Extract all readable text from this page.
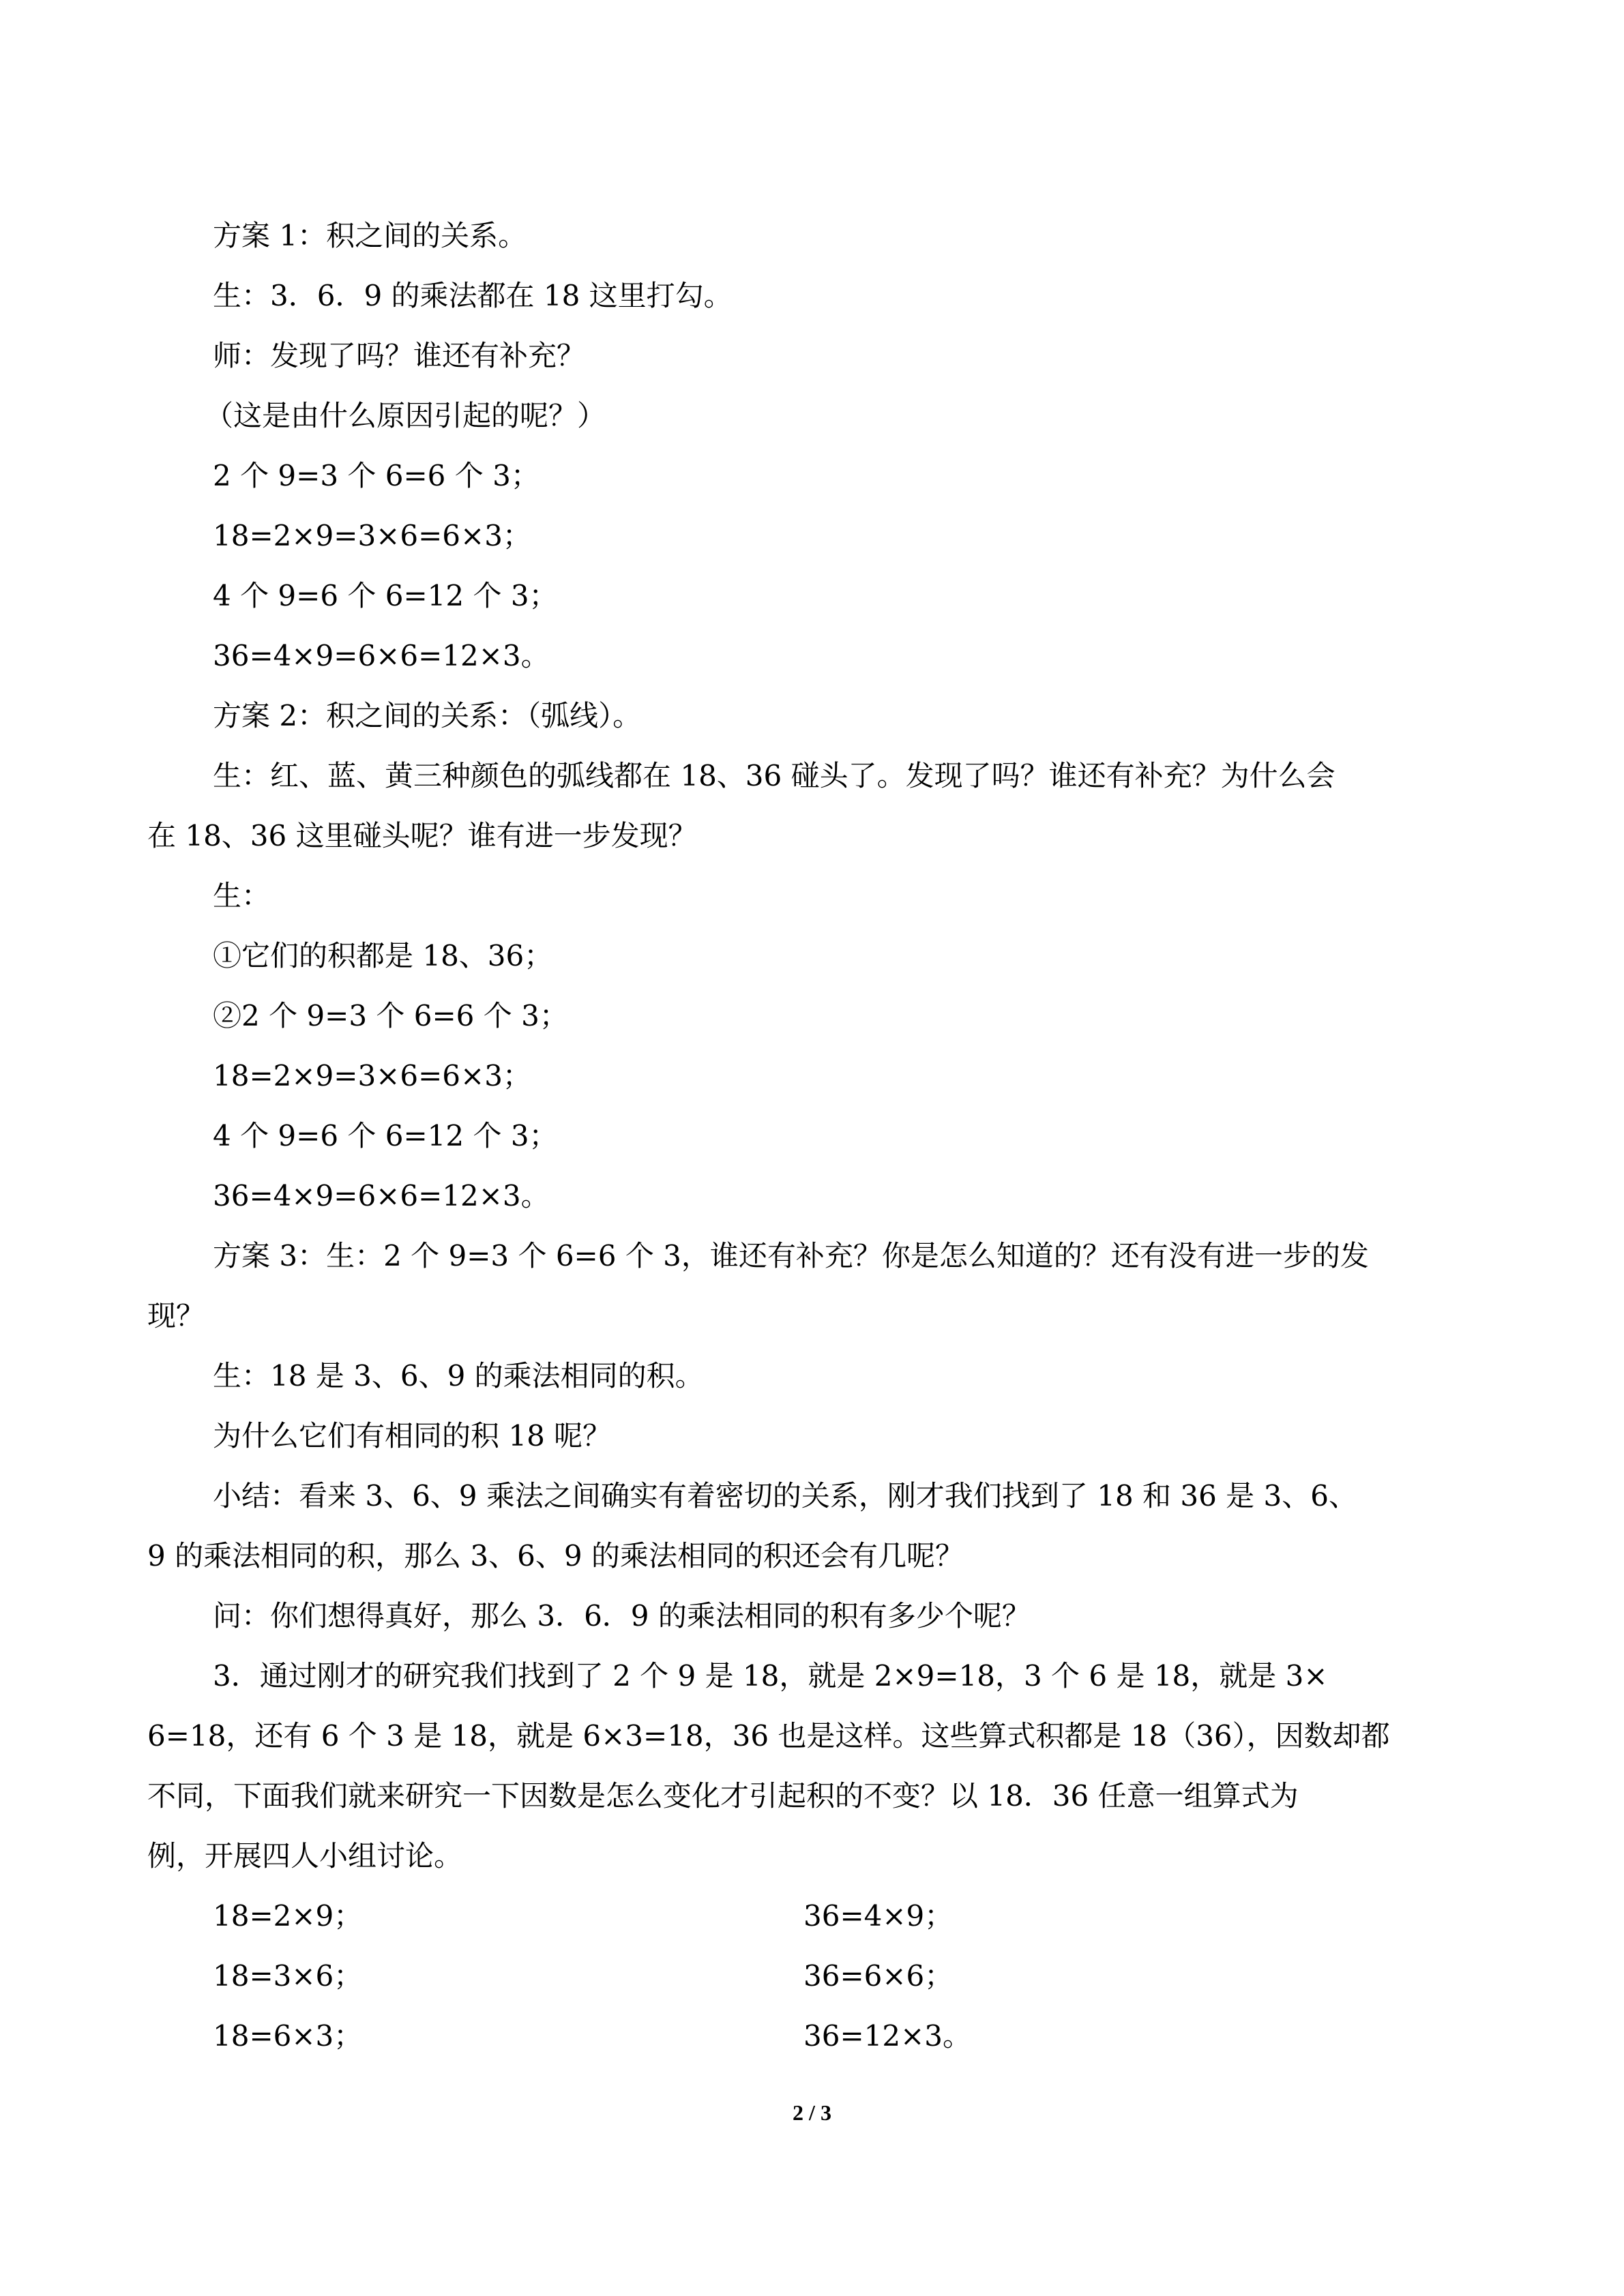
方案 1：积之间的关系。
生：3．6．9 的乘法都在 18 这里打勾。
师：发现了吗？谁还有补充？
（这是由什么原因引起的呢？）
2 个 9=3 个 6=6 个 3；
18=2×9=3×6=6×3；
4 个 9=6 个 6=12 个 3；
36=4×9=6×6=12×3。
方案 2：积之间的关系：（弧线）。
生：红、蓝、黄三种颜色的弧线都在 18、36 碰头了。发现了吗？谁还有补充？为什么会
在 18、36 这里碰头呢？谁有进一步发现？
生：
①它们的积都是 18、36；
②2 个 9=3 个 6=6 个 3；
18=2×9=3×6=6×3；
4 个 9=6 个 6=12 个 3；
36=4×9=6×6=12×3。
方案 3：生：2 个 9=3 个 6=6 个 3，谁还有补充？你是怎么知道的？还有没有进一步的发
现？
生：18 是 3、6、9 的乘法相同的积。
为什么它们有相同的积 18 呢？
小结：看来 3、6、9 乘法之间确实有着密切的关系，刚才我们找到了 18 和 36 是 3、6、
9 的乘法相同的积，那么 3、6、9 的乘法相同的积还会有几呢？
问：你们想得真好，那么 3．6．9 的乘法相同的积有多少个呢？
3．通过刚才的研究我们找到了 2 个 9 是 18，就是 2×9=18，3 个 6 是 18，就是 3×
6=18，还有 6 个 3 是 18，就是 6×3=18，36 也是这样。这些算式积都是 18（36），因数却都
不同，下面我们就来研究一下因数是怎么变化才引起积的不变？以 18．36 任意一组算式为
例，开展四人小组讨论。
18=2×9；	36=4×9；
18=3×6；	36=6×6；
18=6×3；	36=12×3。
2 / 3
